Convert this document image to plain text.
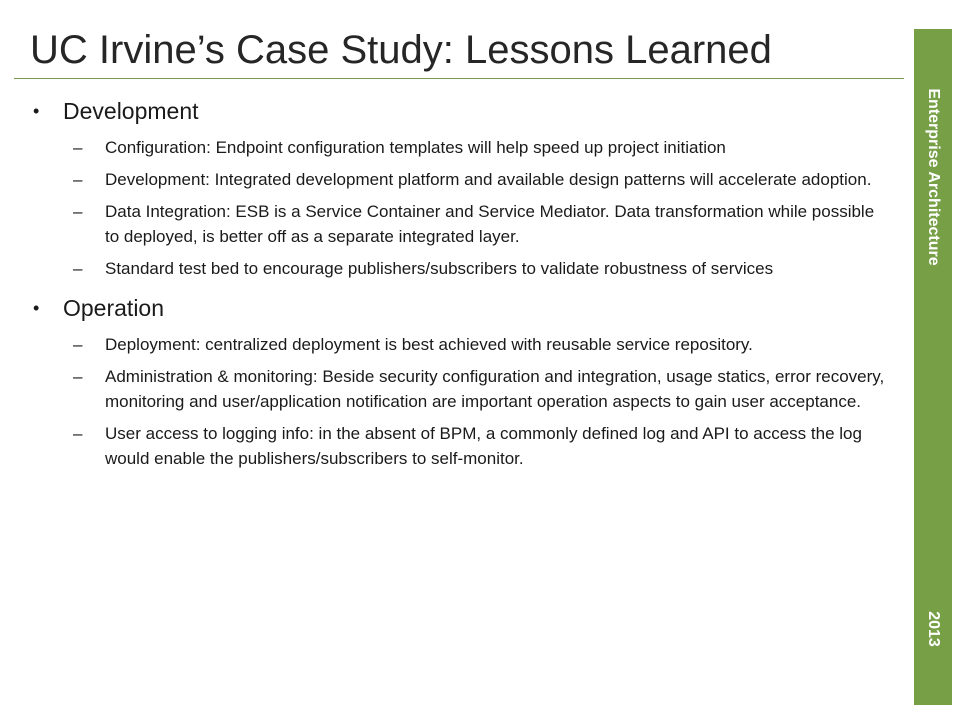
UC Irvine’s Case Study: Lessons Learned
Enterprise Architecture
2013
• Development
– Configuration: Endpoint configuration templates will help speed up project initiation
– Development: Integrated development platform and available design patterns will accelerate adoption.
– Data Integration: ESB is a Service Container and Service Mediator. Data transformation while possible to deployed, is better off as a separate integrated layer.
– Standard test bed to encourage publishers/subscribers to validate robustness of services
• Operation
– Deployment: centralized deployment is best achieved with reusable service repository.
– Administration & monitoring: Beside security configuration and integration, usage statics, error recovery, monitoring and user/application notification are important operation aspects to gain user acceptance.
– User access to logging info: in the absent of BPM, a commonly defined log and API to access the log would enable the publishers/subscribers to self-monitor.
